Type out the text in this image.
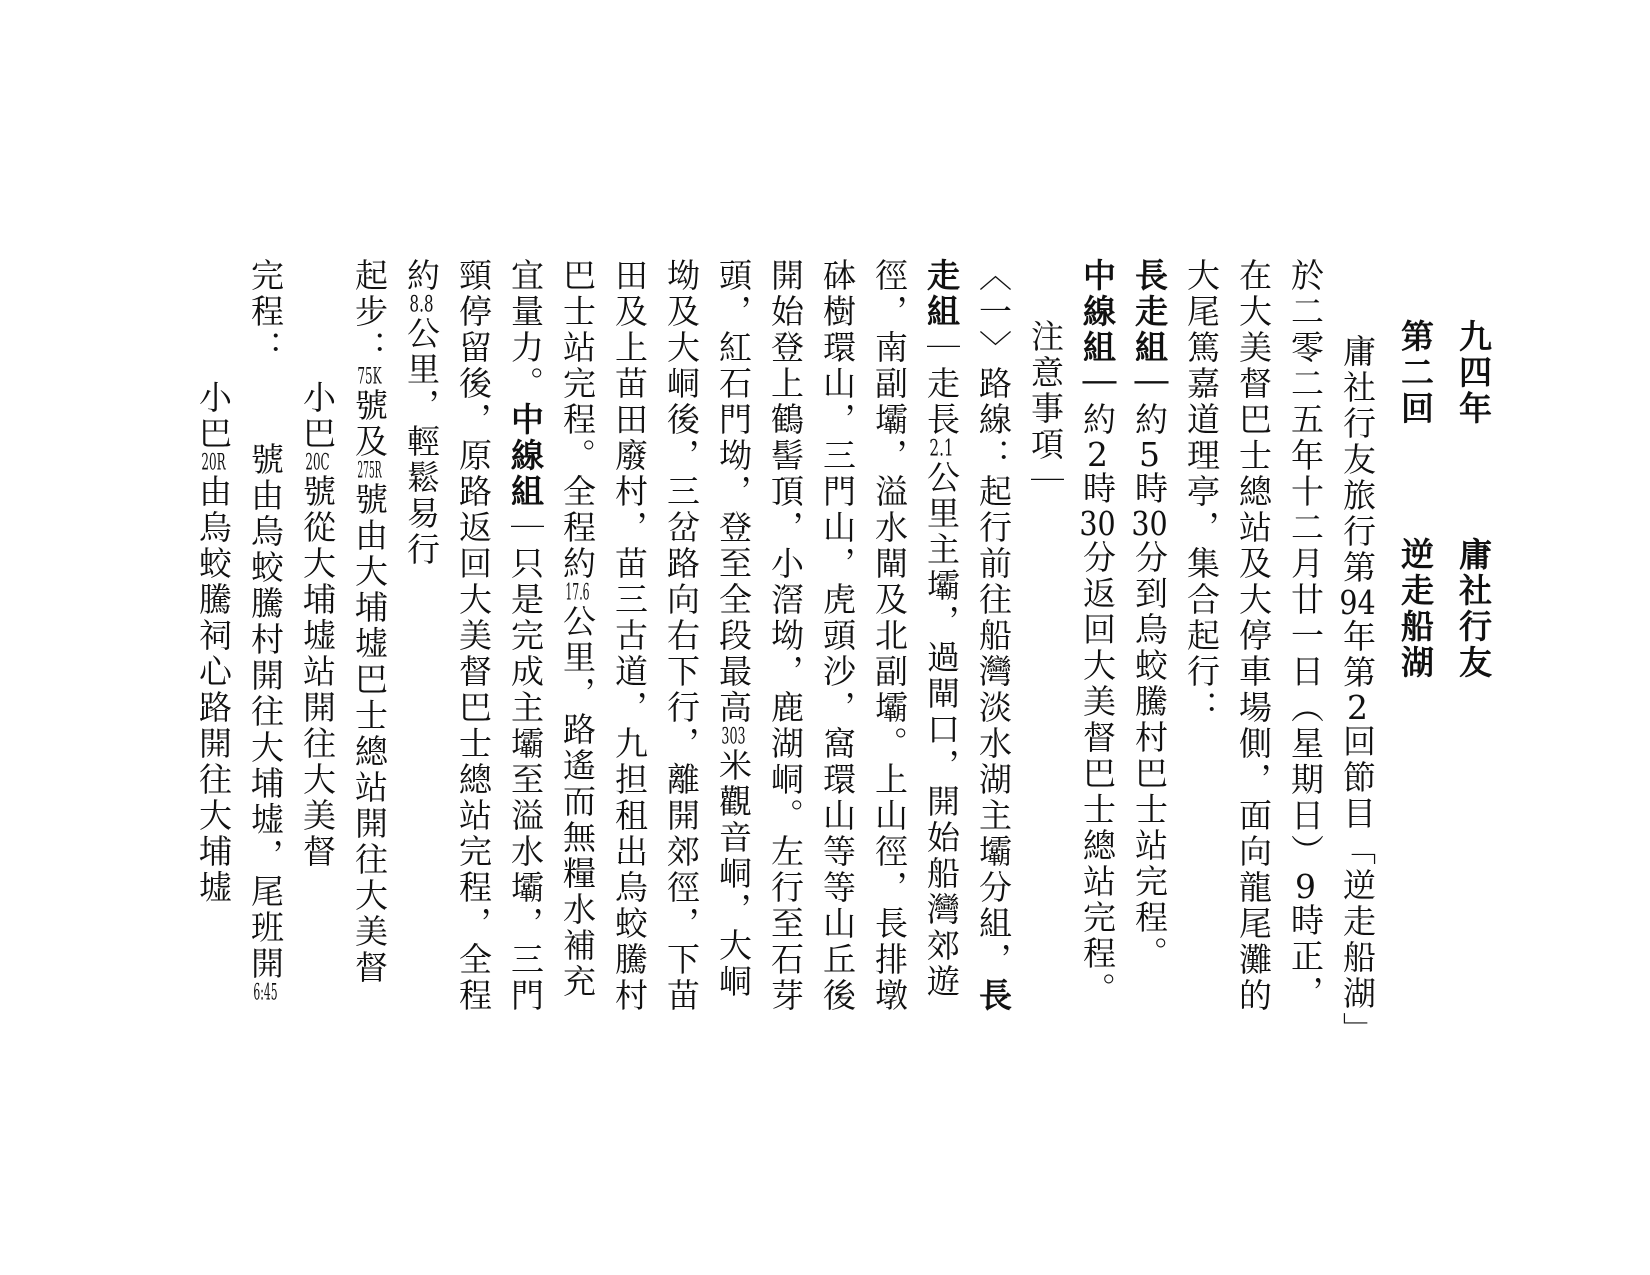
九四年庸社行友
第二回逆走船湖
庸社行友旅行第94年第2回節目「逆走船湖」
於二零二五年十二月廿一日（星期日）9時正，
在大美督巴士總站及大停車場側，面向龍尾灘的
大尾篤嘉道理亭，集合起行：
長走組｜約5時30分到烏蛟騰村巴士站完程。
中線組｜約2時30分返回大美督巴士總站完程。
注意事項｜
〈一〉路線：起行前往船灣淡水湖主壩分組，長
走組｜走長2.1公里主壩，過閘口，開始船灣郊遊
徑，南副壩，溢水閘及北副壩。上山徑，長排墩
砵樹環山，三門山，虎頭沙，窩環山等等山丘後
開始登上鶴髻頂，小滘坳，鹿湖峒。左行至石芽
頭，紅石門坳，登至全段最高303米觀音峒，大峒
坳及大峒後，三岔路向右下行，離開郊徑，下苗
田及上苗田廢村，苗三古道，九担租出烏蛟騰村
巴士站完程。全程約17.6公里，路遙而無糧水補充
宜量力。中線組｜只是完成主壩至溢水壩，三門
頸停留後，原路返回大美督巴士總站完程，全程
約8.8公里，輕鬆易行
起步：75K號及275R號由大埔墟巴士總站開往大美督
小巴20C號從大埔墟站開往大美督
完程：號由烏蛟騰村開往大埔墟，尾班開6:45
小巴20R由烏蛟騰祠心路開往大埔墟
